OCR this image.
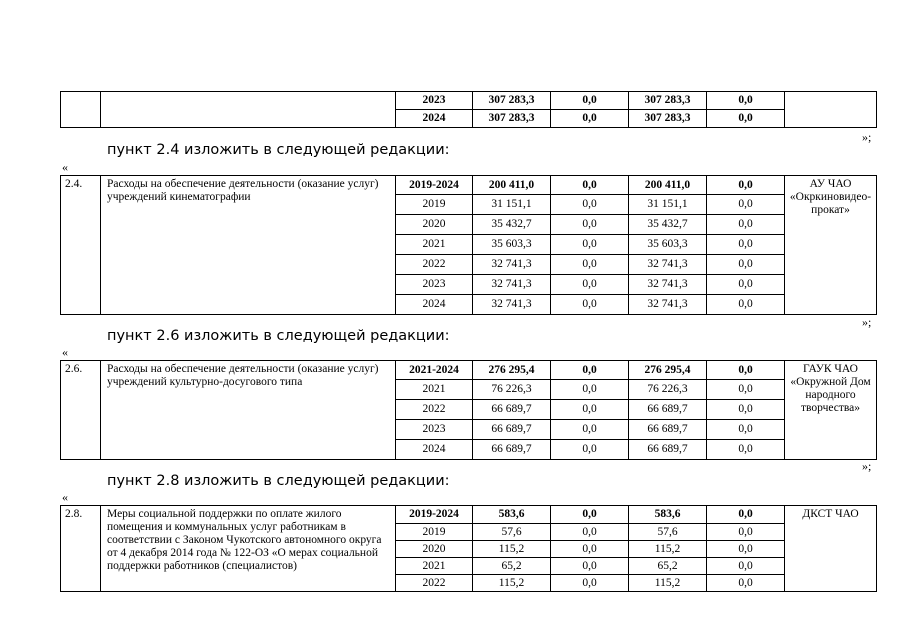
		2023	307 283,3	0,0	307 283,3	0,0	
		2024	307 283,3	0,0	307 283,3	0,0	
»;
пункт 2.4 изложить в следующей редакции:
«
2.4.	Расходы на обеспечение деятельности (оказание услуг) учреждений кинематографии	2019-2024	200 411,0	0,0	200 411,0	0,0	АУ ЧАО «Окркиновидео-прокат»
		2019	31 151,1	0,0	31 151,1	0,0	
		2020	35 432,7	0,0	35 432,7	0,0	
		2021	35 603,3	0,0	35 603,3	0,0	
		2022	32 741,3	0,0	32 741,3	0,0	
		2023	32 741,3	0,0	32 741,3	0,0	
		2024	32 741,3	0,0	32 741,3	0,0	
»;
пункт 2.6 изложить в следующей редакции:
«
2.6.	Расходы на обеспечение деятельности (оказание услуг) учреждений культурно-досугового типа	2021-2024	276 295,4	0,0	276 295,4	0,0	ГАУК ЧАО «Окружной Дом народного творчества»
		2021	76 226,3	0,0	76 226,3	0,0	
		2022	66 689,7	0,0	66 689,7	0,0	
		2023	66 689,7	0,0	66 689,7	0,0	
		2024	66 689,7	0,0	66 689,7	0,0	
»;
пункт 2.8 изложить в следующей редакции:
«
2.8.	Меры социальной поддержки по оплате жилого помещения и коммунальных услуг работникам в соответствии с Законом Чукотского автономного округа от 4 декабря 2014 года № 122-ОЗ «О мерах социальной поддержки работников (специалистов)	2019-2024	583,6	0,0	583,6	0,0	ДКСТ ЧАО
		2019	57,6	0,0	57,6	0,0	
		2020	115,2	0,0	115,2	0,0	
		2021	65,2	0,0	65,2	0,0	
		2022	115,2	0,0	115,2	0,0	
